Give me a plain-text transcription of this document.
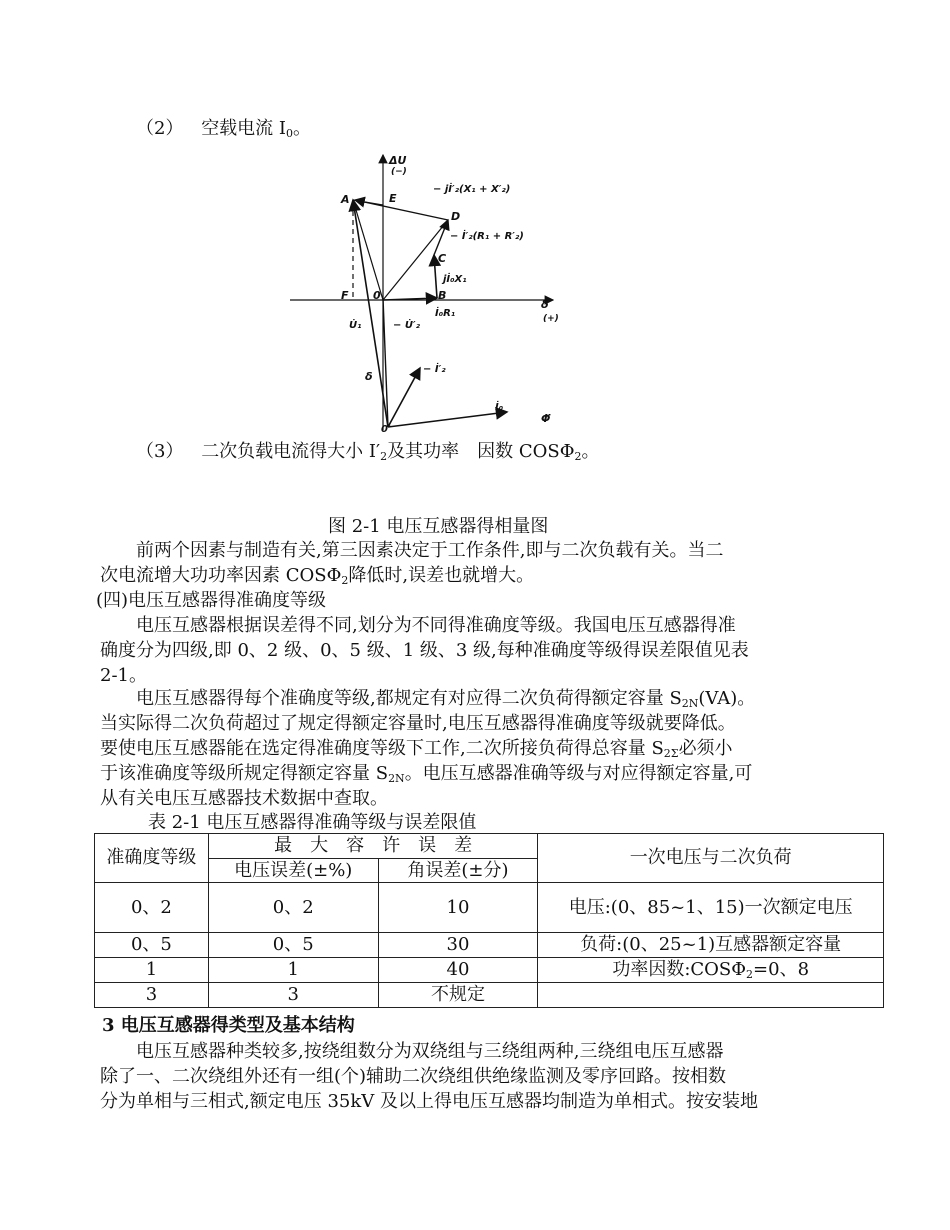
（2） 空载电流 $I_0$。
ΔU
(−)
A	E
D
C
F 0	B
0′
δ
(+)
δ
Φ̇
− jİ′₂(X₁ + X′₂)
− İ′₂(R₁ + R′₂)
jİ₀X₁
İ₀R₁
U̇₁	− U̇′₂
− İ′₂
İ₀
（3） 二次负载电流得大小 $I'_2$及其功率　因数 $COS\Phi_2$。
图 2-1 电压互感器得相量图
　　前两个因素与制造有关,第三因素决定于工作条件,即与二次负载有关。当二
次电流增大功功率因素 $COS\Phi_2$降低时,误差也就增大。
(四)电压互感器得准确度等级
　　电压互感器根据误差得不同,划分为不同得准确度等级。我国电压互感器得准
确度分为四级,即 0、2 级、0、5 级、1 级、3 级,每种准确度等级得误差限值见表
2-1。
　　电压互感器得每个准确度等级,都规定有对应得二次负荷得额定容量 $S_{2N}(VA)$。
当实际得二次负荷超过了规定得额定容量时,电压互感器得准确度等级就要降低。
要使电压互感器能在选定得准确度等级下工作,二次所接负荷得总容量 $S_{2\Sigma}$必须小
于该准确度等级所规定得额定容量 $S_{2N}$。电压互感器准确等级与对应得额定容量,可
从有关电压互感器技术数据中查取。
表 2-1 电压互感器得准确等级与误差限值
准确度等级	最　大　容　许　误　差		一次电压与二次负荷
	电压误差(±%)	角误差(±分)	
0、2	0、2	10	电压:(0、85~1、15)一次额定电压
0、5	0、5	30	负荷:(0、25~1)互感器额定容量
1	1	40	功率因数$:COS\Phi_2=0$、8
3	3	不规定	
3 电压互感器得类型及基本结构
　　电压互感器种类较多,按绕组数分为双绕组与三绕组两种,三绕组电压互感器
除了一、二次绕组外还有一组(个)辅助二次绕组供绝缘监测及零序回路。按相数
分为单相与三相式,额定电压 35kV 及以上得电压互感器均制造为单相式。按安装地
